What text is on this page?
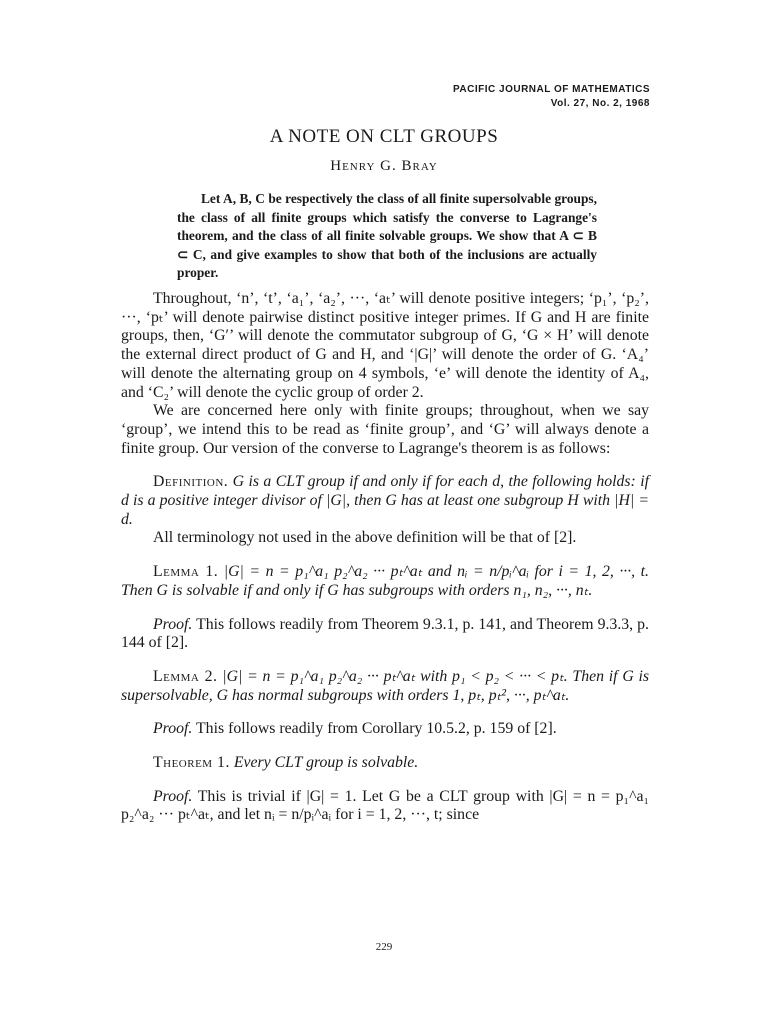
PACIFIC JOURNAL OF MATHEMATICS
Vol. 27, No. 2, 1968
A NOTE ON CLT GROUPS
Henry G. Bray

Let A, B, C be respectively the class of all finite supersolvable groups, the class of all finite groups which satisfy the converse to Lagrange's theorem, and the class of all finite solvable groups. We show that A ⊂ B ⊂ C, and give examples to show that both of the inclusions are actually proper.

Throughout, ‘n’, ‘t’, ‘a₁’, ‘a₂’, ···, ‘aₜ’ will denote positive integers; ‘p₁’, ‘p₂’, ···, ‘pₜ’ will denote pairwise distinct positive integer primes. If G and H are finite groups, then, ‘G′’ will denote the commutator subgroup of G, ‘G × H’ will denote the external direct product of G and H, and ‘|G|’ will denote the order of G. ‘A₄’ will denote the alternating group on 4 symbols, ‘e’ will denote the identity of A₄, and ‘C₂’ will denote the cyclic group of order 2.

We are concerned here only with finite groups; throughout, when we say ‘group’, we intend this to be read as ‘finite group’, and ‘G’ will always denote a finite group. Our version of the converse to Lagrange's theorem is as follows:

Definition. G is a CLT group if and only if for each d, the following holds: if d is a positive integer divisor of |G|, then G has at least one subgroup H with |H| = d.

All terminology not used in the above definition will be that of [2].

Lemma 1. |G| = n = p₁^a₁ p₂^a₂ ··· pₜ^aₜ and nᵢ = n/pᵢ^aᵢ for i = 1, 2, ···, t. Then G is solvable if and only if G has subgroups with orders n₁, n₂, ···, nₜ.

Proof. This follows readily from Theorem 9.3.1, p. 141, and Theorem 9.3.3, p. 144 of [2].

Lemma 2. |G| = n = p₁^a₁ p₂^a₂ ··· pₜ^aₜ with p₁ < p₂ < ··· < pₜ. Then if G is supersolvable, G has normal subgroups with orders 1, pₜ, pₜ², ···, pₜ^aₜ.

Proof. This follows readily from Corollary 10.5.2, p. 159 of [2].

Theorem 1. Every CLT group is solvable.

Proof. This is trivial if |G| = 1. Let G be a CLT group with |G| = n = p₁^a₁ p₂^a₂ ··· pₜ^aₜ, and let nᵢ = n/pᵢ^aᵢ for i = 1, 2, ···, t; since

229
